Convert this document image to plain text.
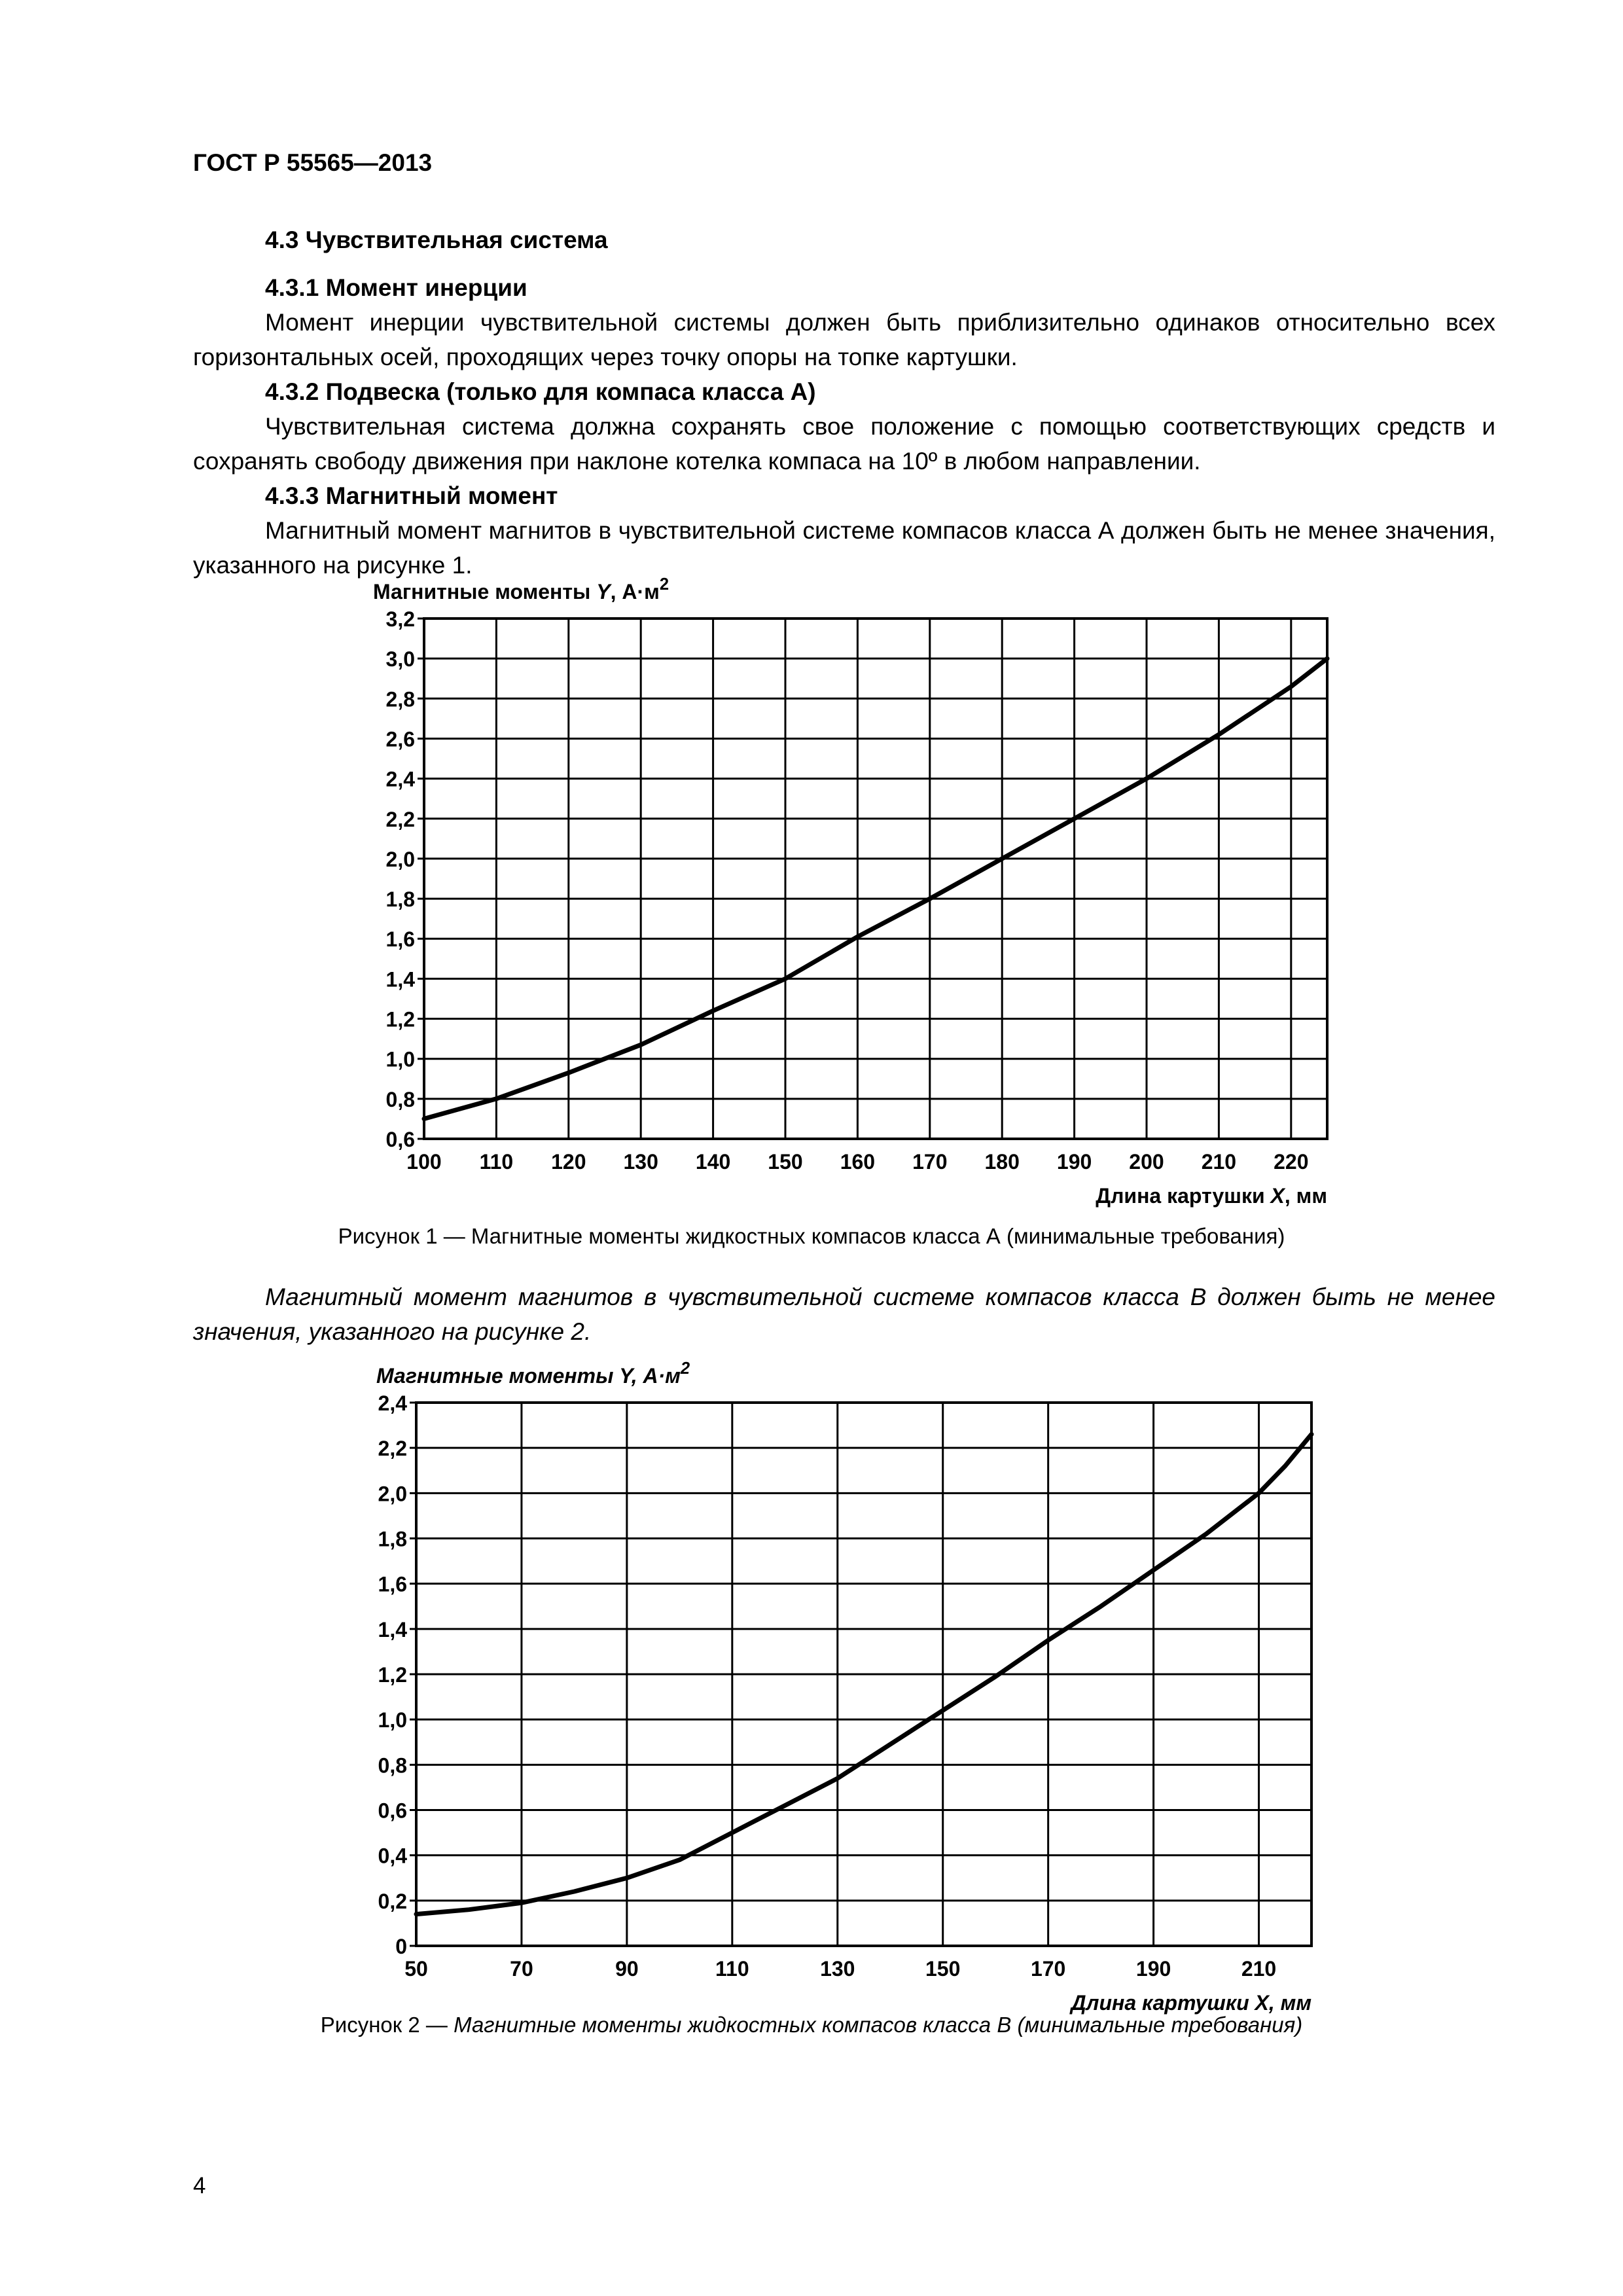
ГОСТ Р 55565—2013

4.3 Чувствительная система

4.3.1 Момент инерции

Момент инерции чувствительной системы должен быть приблизительно одинаков относительно всех горизонтальных осей, проходящих через точку опоры на топке картушки.

4.3.2 Подвеска (только для компаса класса А)

Чувствительная система должна сохранять свое положение с помощью соответствующих средств и сохранять свободу движения при наклоне котелка компаса на 10º в любом направлении.

4.3.3 Магнитный момент

Магнитный момент магнитов в чувствительной системе компасов класса А должен быть не менее значения, указанного на рисунке 1.

0,6
0,8
1,0
1,2
1,4
1,6
1,8
2,0
2,2
2,4
2,6
2,8
3,0
3,2
100 110 120 130 140 150 160 170 180 190 200 210 220
Магнитные моменты Y, $А\cdot м^2$
Длина картушки X, мм
Рисунок 1 — Магнитные моменты жидкостных компасов класса А (минимальные требования)

Магнитный момент магнитов в чувствительной системе компасов класса В должен быть не менее значения, указанного на рисунке 2.

0
0,2
0,4
0,6
0,8
1,0
1,2
1,4
1,6
1,8
2,0
2,2
2,4
50	70	90	110	130	150	170	190	210
Магнитные моменты Y, $А\cdot м^2$
Длина картушки X, мм
Рисунок 2 — Магнитные моменты жидкостных компасов класса В (минимальные требования)
4
